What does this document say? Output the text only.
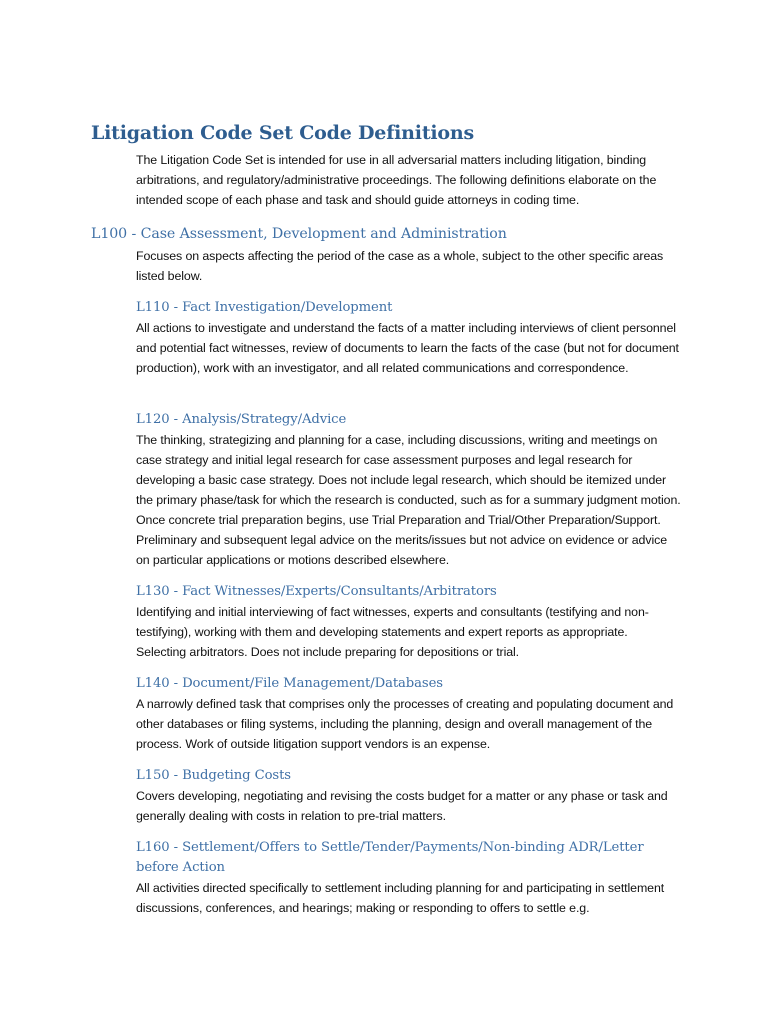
Litigation Code Set Code Definitions

The Litigation Code Set is intended for use in all adversarial matters including litigation, binding arbitrations, and regulatory/administrative proceedings. The following definitions elaborate on the intended scope of each phase and task and should guide attorneys in coding time.

L100 - Case Assessment, Development and Administration

Focuses on aspects affecting the period of the case as a whole, subject to the other specific areas listed below.

L110 - Fact Investigation/Development

All actions to investigate and understand the facts of a matter including interviews of client personnel and potential fact witnesses, review of documents to learn the facts of the case (but not for document production), work with an investigator, and all related communications and correspondence.

L120 - Analysis/Strategy/Advice

The thinking, strategizing and planning for a case, including discussions, writing and meetings on case strategy and initial legal research for case assessment purposes and legal research for developing a basic case strategy. Does not include legal research, which should be itemized under the primary phase/task for which the research is conducted, such as for a summary judgment motion. Once concrete trial preparation begins, use Trial Preparation and Trial/Other Preparation/Support. Preliminary and subsequent legal advice on the merits/issues but not advice on evidence or advice on particular applications or motions described elsewhere.

L130 - Fact Witnesses/Experts/Consultants/Arbitrators

Identifying and initial interviewing of fact witnesses, experts and consultants (testifying and non-testifying), working with them and developing statements and expert reports as appropriate. Selecting arbitrators. Does not include preparing for depositions or trial.

L140 - Document/File Management/Databases

A narrowly defined task that comprises only the processes of creating and populating document and other databases or filing systems, including the planning, design and overall management of the process. Work of outside litigation support vendors is an expense.

L150 - Budgeting Costs

Covers developing, negotiating and revising the costs budget for a matter or any phase or task and generally dealing with costs in relation to pre-trial matters.

L160 - Settlement/Offers to Settle/Tender/Payments/Non-binding ADR/Letter before Action

All activities directed specifically to settlement including planning for and participating in settlement discussions, conferences, and hearings; making or responding to offers to settle e.g.
